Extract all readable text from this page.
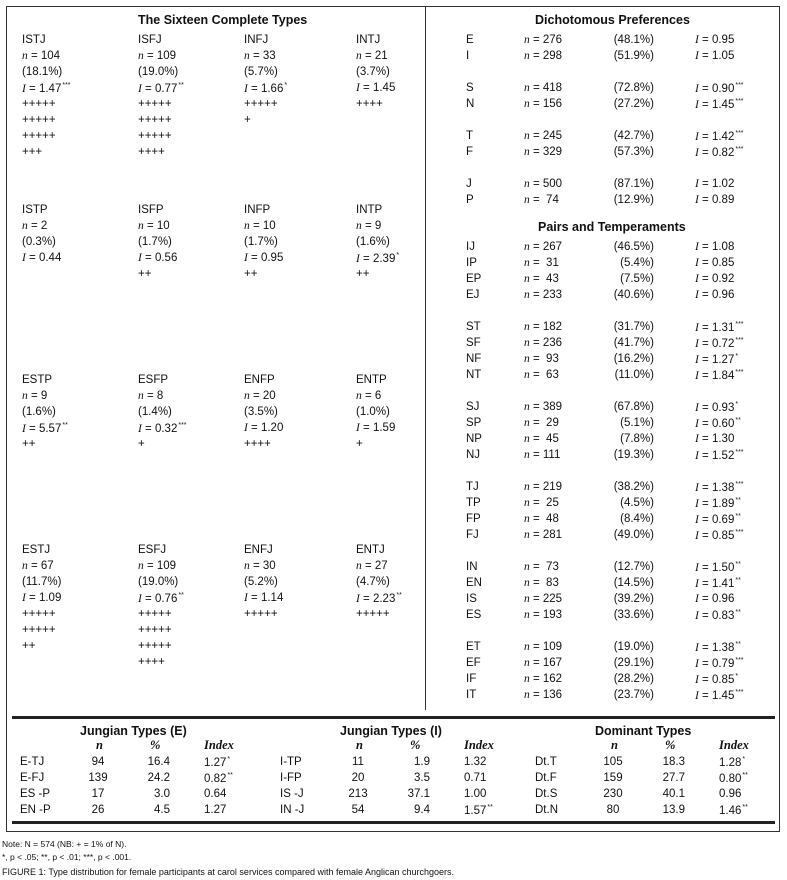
The Sixteen Complete Types	Dichotomous Preferences
Pairs and Temperaments
ISTJ
n = 104
(18.1%)
I = 1.47***
+++++
+++++
+++++
+++
ISFJ
n = 109
(19.0%)
I = 0.77**
+++++
+++++
+++++
++++
INFJ
n = 33
(5.7%)
I = 1.66*
+++++
+
INTJ
n = 21
(3.7%)
I = 1.45
++++
ISTP
n = 2
(0.3%)
I = 0.44
ISFP
n = 10
(1.7%)
I = 0.56
++
INFP
n = 10
(1.7%)
I = 0.95
++
INTP
n = 9
(1.6%)
I = 2.39*
++
ESTP
n = 9
(1.6%)
I = 5.57**
++
ESFP
n = 8
(1.4%)
I = 0.32***
+
ENFP
n = 20
(3.5%)
I = 1.20
++++
ENTP
n = 6
(1.0%)
I = 1.59
+
ESTJ
n = 67
(11.7%)
I = 1.09
+++++
+++++
++
ESFJ
n = 109
(19.0%)
I = 0.76**
+++++
+++++
+++++
++++
ENFJ
n = 30
(5.2%)
I = 1.14
+++++
ENTJ
n = 27
(4.7%)
I = 2.23**
+++++
E	n = 276	(48.1%)	I = 0.95
I	n = 298	(51.9%)	I = 1.05
S	n = 418	(72.8%)	I = 0.90***
N	n = 156	(27.2%)	I = 1.45***
T	n = 245	(42.7%)	I = 1.42***
F	n = 329	(57.3%)	I = 0.82***
J	n = 500	(87.1%)	I = 1.02
P	n =  74	(12.9%)	I = 0.89
IJ	n = 267	(46.5%)	I = 1.08
IP	n =  31	(5.4%)	I = 0.85
EP	n =  43	(7.5%)	I = 0.92
EJ	n = 233	(40.6%)	I = 0.96
ST	n = 182	(31.7%)	I = 1.31***
SF	n = 236	(41.7%)	I = 0.72***
NF	n =  93	(16.2%)	I = 1.27*
NT	n =  63	(11.0%)	I = 1.84***
SJ	n = 389	(67.8%)	I = 0.93*
SP	n =  29	(5.1%)	I = 0.60**
NP	n =  45	(7.8%)	I = 1.30
NJ	n = 111	(19.3%)	I = 1.52***
TJ	n = 219	(38.2%)	I = 1.38***
TP	n =  25	(4.5%)	I = 1.89**
FP	n =  48	(8.4%)	I = 0.69**
FJ	n = 281	(49.0%)	I = 0.85***
IN	n =  73	(12.7%)	I = 1.50**
EN	n =  83	(14.5%)	I = 1.41**
IS	n = 225	(39.2%)	I = 0.96
ES	n = 193	(33.6%)	I = 0.83**
ET	n = 109	(19.0%)	I = 1.38**
EF	n = 167	(29.1%)	I = 0.79***
IF	n = 162	(28.2%)	I = 0.85*
IT	n = 136	(23.7%)	I = 1.45***
Jungian Types (E)
n	%	Index
E-TJ	94	16.4	1.27*
E-FJ	139	24.2	0.82**
ES -P	17	3.0	0.64
EN -P	26	4.5	1.27
Jungian Types (I)
n	%	Index
I-TP	11	1.9	1.32
I-FP	20	3.5	0.71
IS -J	213	37.1	1.00
IN -J	54	9.4	1.57**
Dominant Types
n	%	Index
Dt.T	105	18.3	1.28*
Dt.F	159	27.7	0.80**
Dt.S	230	40.1	0.96
Dt.N	80	13.9	1.46**
Note: N = 574 (NB: + = 1% of N).
*, p < .05; **, p < .01; ***, p < .001.
FIGURE 1: Type distribution for female participants at carol services compared with female Anglican churchgoers.
